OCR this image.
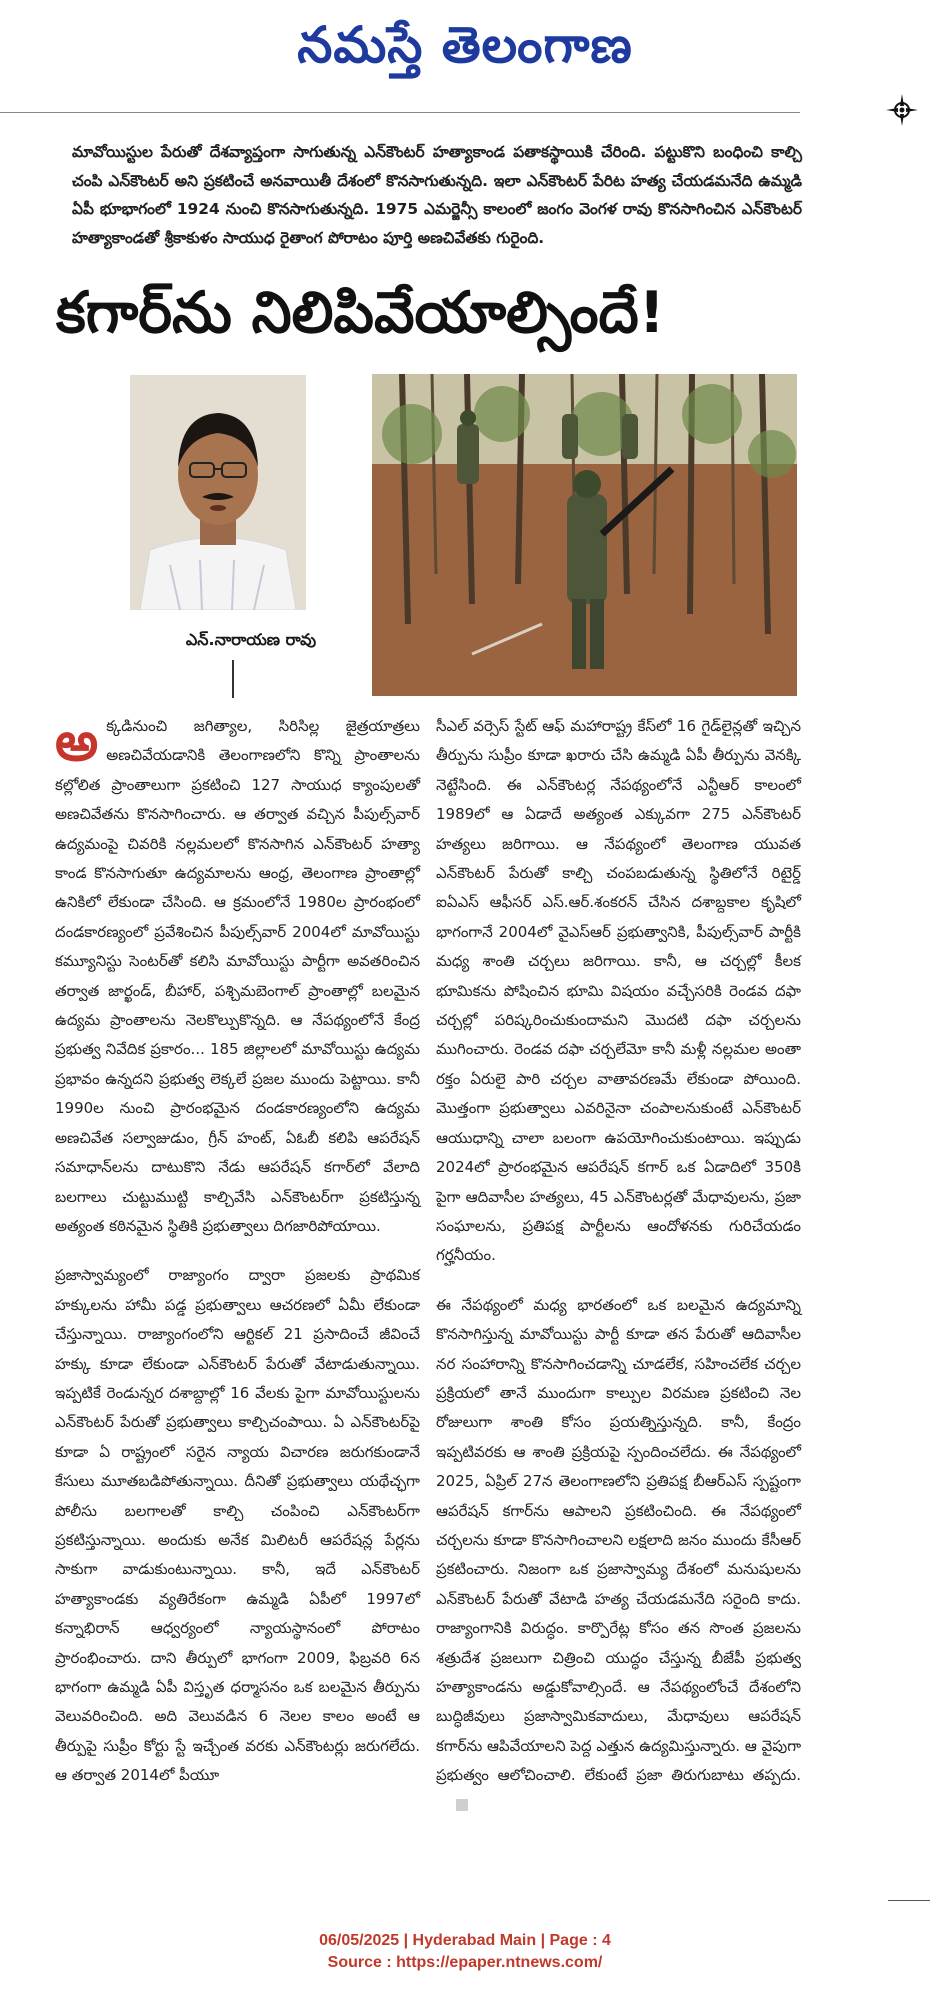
నమస్తే తెలంగాణ
మావోయిస్టుల పేరుతో దేశవ్యాప్తంగా సాగుతున్న ఎన్‌కౌంటర్ హత్యాకాండ పతాకస్థాయికి చేరింది. పట్టుకొని బంధించి కాల్చి చంపి ఎన్‌కౌంటర్ అని ప్రకటించే అనవాయితీ దేశంలో కొనసాగుతున్నది. ఇలా ఎన్‌కౌంటర్ పేరిట హత్య చేయడమనేది ఉమ్మడి ఏపీ భూభాగంలో 1924 నుంచి కొనసాగుతున్నది. 1975 ఎమర్జెన్సీ కాలంలో జంగం వెంగళ రావు కొనసాగించిన ఎన్‌కౌంటర్ హత్యాకాండతో శ్రీకాకుళం సాయుధ రైతాంగ పోరాటం పూర్తి అణచివేతకు గురైంది.
కగార్‌ను నిలిపివేయాల్సిందే!
ఎన్.నారాయణ రావు

అక్కడినుంచి జగిత్యాల, సిరిసిల్ల జైత్రయాత్రలు అణచివేయడానికి తెలంగాణలోని కొన్ని ప్రాంతాలను కల్లోలిత ప్రాంతాలుగా ప్రకటించి 127 సాయుధ క్యాంపులతో అణచివేతను కొనసాగించారు. ఆ తర్వాత వచ్చిన పీపుల్స్‌వార్ ఉద్యమంపై చివరికి నల్లమలలో కొనసాగిన ఎన్‌కౌంటర్ హత్యా కాండ కొనసాగుతూ ఉద్యమాలను ఆంధ్ర, తెలంగాణ ప్రాంతాల్లో ఉనికిలో లేకుండా చేసింది. ఆ క్రమంలోనే 1980ల ప్రారంభంలో దండకారణ్యంలో ప్రవేశించిన పీపుల్స్‌వార్ 2004లో మావోయిస్టు కమ్యూనిస్టు సెంటర్‌తో కలిసి మావోయిస్టు పార్టీగా అవతరించిన తర్వాత జార్ఖండ్, బీహార్, పశ్చిమబెంగాల్ ప్రాంతాల్లో బలమైన ఉద్యమ ప్రాంతాలను నెలకొల్పుకొన్నది. ఆ నేపథ్యంలోనే కేంద్ర ప్రభుత్వ నివేదిక ప్రకారం... 185 జిల్లాలలో మావోయిస్టు ఉద్యమ ప్రభావం ఉన్నదని ప్రభుత్వ లెక్కలే ప్రజల ముందు పెట్టాయి. కానీ 1990ల నుంచి ప్రారంభమైన దండకారణ్యంలోని ఉద్యమ అణచివేత సల్వాజుడుం, గ్రీన్ హంట్, ఏఓబీ కలిపి ఆపరేషన్ సమాధాన్‌లను దాటుకొని నేడు ఆపరేషన్ కగార్‌లో వేలాది బలగాలు చుట్టుముట్టి కాల్చివేసి ఎన్‌కౌంటర్‌గా ప్రకటిస్తున్న అత్యంత కఠినమైన స్థితికి ప్రభుత్వాలు దిగజారిపోయాయి.

ప్రజాస్వామ్యంలో రాజ్యాంగం ద్వారా ప్రజలకు ప్రాథమిక హక్కులను హామీ పడ్డ ప్రభుత్వాలు ఆచరణలో ఏమీ లేకుండా చేస్తున్నాయి. రాజ్యాంగంలోని ఆర్టికల్ 21 ప్రసాదించే జీవించే హక్కు కూడా లేకుండా ఎన్‌కౌంటర్ పేరుతో వేటాడుతున్నాయి. ఇప్పటికే రెండున్నర దశాబ్దాల్లో 16 వేలకు పైగా మావోయిస్టులను ఎన్‌కౌంటర్ పేరుతో ప్రభుత్వాలు కాల్చిచంపాయి. ఏ ఎన్‌కౌంటర్‌పై కూడా ఏ రాష్ట్రంలో సరైన న్యాయ విచారణ జరుగకుండానే కేసులు మూతబడిపోతున్నాయి. దీనితో ప్రభుత్వాలు యథేచ్ఛగా పోలీసు బలగాలతో కాల్చి చంపించి ఎన్‌కౌంటర్‌గా ప్రకటిస్తున్నాయి. అందుకు అనేక మిలిటరీ ఆపరేషన్ల పేర్లను సాకుగా వాడుకుంటున్నాయి. కానీ, ఇదే ఎన్‌కౌంటర్ హత్యాకాండకు వ్యతిరేకంగా ఉమ్మడి ఏపీలో 1997లో కన్నాభిరాన్ ఆధ్వర్యంలో న్యాయస్థానంలో పోరాటం ప్రారంభించారు. దాని తీర్పులో భాగంగా 2009, ఫిబ్రవరి 6న భాగంగా ఉమ్మడి ఏపీ విస్తృత ధర్మాసనం ఒక బలమైన తీర్పును వెలువరించింది. అది వెలువడిన 6 నెలల కాలం అంటే ఆ తీర్పుపై సుప్రీం కోర్టు స్టే ఇచ్చేంత వరకు ఎన్‌కౌంటర్లు జరుగలేదు. ఆ తర్వాత 2014లో పీయూ

సీఎల్ వర్సెస్ స్టేట్ ఆఫ్ మహారాష్ట్ర కేస్‌లో 16 గైడ్‌లైన్లతో ఇచ్చిన తీర్పును సుప్రీం కూడా ఖరారు చేసి ఉమ్మడి ఏపీ తీర్పును వెనక్కి నెట్టేసింది. ఈ ఎన్‌కౌంటర్ల నేపథ్యంలోనే ఎన్టీఆర్ కాలంలో 1989లో ఆ ఏడాదే అత్యంత ఎక్కువగా 275 ఎన్‌కౌంటర్ హత్యలు జరిగాయి. ఆ నేపథ్యంలో తెలంగాణ యువత ఎన్‌కౌంటర్ పేరుతో కాల్చి చంపబడుతున్న స్థితిలోనే రిటైర్డ్ ఐఏఎస్ ఆఫీసర్ ఎస్.ఆర్.శంకరన్ చేసిన దశాబ్దకాల కృషిలో భాగంగానే 2004లో వైఎస్ఆర్ ప్రభుత్వానికి, పీపుల్స్‌వార్ పార్టీకి మధ్య శాంతి చర్చలు జరిగాయి. కానీ, ఆ చర్చల్లో కీలక భూమికను పోషించిన భూమి విషయం వచ్చేసరికి రెండవ దఫా చర్చల్లో పరిష్కరించుకుందామని మొదటి దఫా చర్చలను ముగించారు. రెండవ దఫా చర్చలేమో కానీ మళ్లీ నల్లమల అంతా రక్తం ఏరులై పారి చర్చల వాతావరణమే లేకుండా పోయింది. మొత్తంగా ప్రభుత్వాలు ఎవరినైనా చంపాలనుకుంటే ఎన్‌కౌంటర్ ఆయుధాన్ని చాలా బలంగా ఉపయోగించుకుంటాయి. ఇప్పుడు 2024లో ప్రారంభమైన ఆపరేషన్ కగార్ ఒక ఏడాదిలో 350కి పైగా ఆదివాసీల హత్యలు, 45 ఎన్‌కౌంటర్లతో మేధావులను, ప్రజా సంఘాలను, ప్రతిపక్ష పార్టీలను ఆందోళనకు గురిచేయడం గర్హనీయం.

ఈ నేపథ్యంలో మధ్య భారతంలో ఒక బలమైన ఉద్యమాన్ని కొనసాగిస్తున్న మావోయిస్టు పార్టీ కూడా తన పేరుతో ఆదివాసీల నర సంహారాన్ని కొనసాగించడాన్ని చూడలేక, సహించలేక చర్చల ప్రక్రియలో తానే ముందుగా కాల్పుల విరమణ ప్రకటించి నెల రోజులుగా శాంతి కోసం ప్రయత్నిస్తున్నది. కానీ, కేంద్రం ఇప్పటివరకు ఆ శాంతి ప్రక్రియపై స్పందించలేదు. ఈ నేపథ్యంలో 2025, ఏప్రిల్ 27న తెలంగాణలోని ప్రతిపక్ష బీఆర్ఎస్ స్పష్టంగా ఆపరేషన్ కగార్‌ను ఆపాలని ప్రకటించింది. ఈ నేపథ్యంలో చర్చలను కూడా కొనసాగించాలని లక్షలాది జనం ముందు కేసీఆర్ ప్రకటించారు. నిజంగా ఒక ప్రజాస్వామ్య దేశంలో మనుషులను ఎన్‌కౌంటర్ పేరుతో వేటాడి హత్య చేయడమనేది సరైంది కాదు. రాజ్యాంగానికి విరుద్ధం. కార్పొరేట్ల కోసం తన సొంత ప్రజలను శత్రుదేశ ప్రజలుగా చిత్రించి యుద్ధం చేస్తున్న బీజేపీ ప్రభుత్వ హత్యాకాండను అడ్డుకోవాల్సిందే. ఆ నేపథ్యంలోంచే దేశంలోని బుద్ధిజీవులు ప్రజాస్వామికవాదులు, మేధావులు ఆపరేషన్ కగార్‌ను ఆపివేయాలని పెద్ద ఎత్తున ఉద్యమిస్తున్నారు. ఆ వైపుగా ప్రభుత్వం ఆలోచించాలి. లేకుంటే ప్రజా తిరుగుబాటు తప్పదు.

06/05/2025 | Hyderabad Main | Page : 4
Source : https://epaper.ntnews.com/
